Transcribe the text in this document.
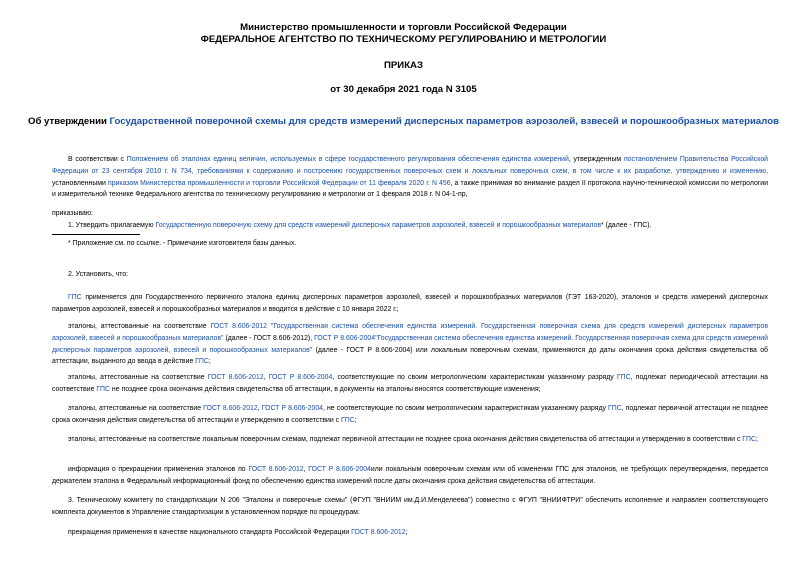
Министерство промышленности и торговли Российской Федерации
ФЕДЕРАЛЬНОЕ АГЕНТСТВО ПО ТЕХНИЧЕСКОМУ РЕГУЛИРОВАНИЮ И МЕТРОЛОГИИ
ПРИКАЗ
от 30 декабря 2021 года N 3105
Об утверждении Государственной поверочной схемы для средств измерений дисперсных параметров аэрозолей, взвесей и порошкообразных материалов
В соответствии с Положением об эталонах единиц величин, используемых в сфере государственного регулирования обеспечения единства измерений, утвержденным постановлением Правительства Российской Федерации от 23 сентября 2010 г. N 734, требованиями к содержанию и построению государственных поверочных схем и локальных поверочных схем, в том числе к их разработке, утверждению и изменению, установленными приказом Министерства промышленности и торговли Российской Федерации от 11 февраля 2020 г. N 456, а также принимая во внимание раздел II протокола научно-технической комиссии по метрологии и измерительной технике Федерального агентства по техническому регулированию и метрологии от 1 февраля 2018 г. N 04-1-пр,
приказываю:
1. Утвердить прилагаемую Государственную поверочную схему для средств измерений дисперсных параметров аэрозолей, взвесей и порошкообразных материалов* (далее - ГПС).
* Приложение см. по ссылке. - Примечание изготовителя базы данных.
2. Установить, что:
ГПС применяется для Государственного первичного эталона единиц дисперсных параметров аэрозолей, взвесей и порошкообразных материалов (ГЭТ 163-2020), эталонов и средств измерений дисперсных параметров аэрозолей, взвесей и порошкообразных материалов и вводится в действие с 10 января 2022 г.;
эталоны, аттестованные на соответствие ГОСТ 8.606-2012 "Государственная система обеспечения единства измерений. Государственная поверочная схема для средств измерений дисперсных параметров аэрозолей, взвесей и порошкообразных материалов" (далее - ГОСТ 8.606-2012), ГОСТ Р 8.606-2004"Государственная система обеспечения единства измерений. Государственная поверочная схема для средств измерений дисперсных параметров аэрозолей, взвесей и порошкообразных материалов" (далее - ГОСТ Р 8.606-2004) или локальным поверочным схемам, применяются до даты окончания срока действия свидетельства об аттестации, выданного до ввода в действие ГПС;
эталоны, аттестованные на соответствие ГОСТ 8.606-2012, ГОСТ Р 8.606-2004, соответствующие по своим метрологическим характеристикам указанному разряду ГПС, подлежат периодической аттестации на соответствие ГПС не позднее срока окончания действия свидетельства об аттестации, в документы на эталоны вносятся соответствующие изменения;
эталоны, аттестованные на соответствие ГОСТ 8.606-2012, ГОСТ Р 8.606-2004, не соответствующие по своим метрологическим характеристикам указанному разряду ГПС, подлежат первичной аттестации не позднее срока окончания действия свидетельства об аттестации и утверждению в соответствии с ГПС;
эталоны, аттестованные на соответствие локальным поверочным схемам, подлежат первичной аттестации не позднее срока окончания действия свидетельства об аттестации и утверждению в соответствии с ГПС;
информация о прекращении применения эталонов по ГОСТ 8.606-2012, ГОСТ Р 8.606-2004или локальным поверочным схемам или об изменении ГПС для эталонов, не требующих переутверждения, передается держателем эталона в Федеральный информационный фонд по обеспечению единства измерений после даты окончания срока действия свидетельства об аттестации.
3. Техническому комитету по стандартизации N 206 "Эталоны и поверочные схемы" (ФГУП "ВНИИМ им.Д.И.Менделеева") совместно с ФГУП "ВНИИФТРИ" обеспечить исполнение и направлен соответствующего комплекта документов в Управление стандартизации в установленном порядке по процедурам:
прекращения применения в качестве национального стандарта Российской Федерации ГОСТ 8.606-2012;
